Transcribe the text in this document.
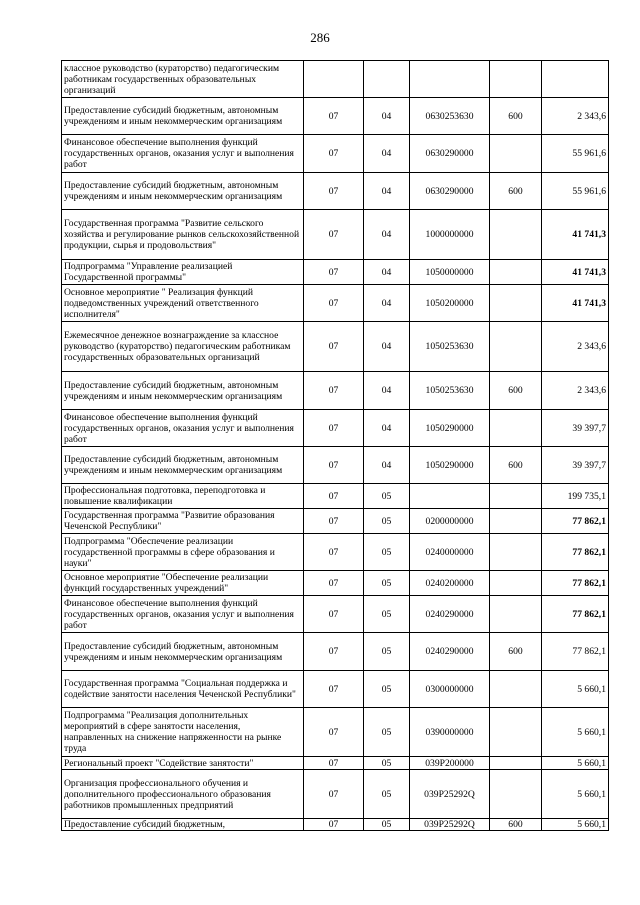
286
классное руководство (кураторство) педагогическим работникам государственных образовательных организаций					
Предоставление субсидий бюджетным, автономным учреждениям и иным некоммерческим организациям	07	04	0630253630	600	2 343,6
Финансовое обеспечение выполнения функций государственных органов, оказания услуг и выполнения работ	07	04	0630290000		55 961,6
Предоставление субсидий бюджетным, автономным учреждениям и иным некоммерческим организациям	07	04	0630290000	600	55 961,6
Государственная программа "Развитие сельского хозяйства и регулирование рынков сельскохозяйственной продукции, сырья и продовольствия"	07	04	1000000000		41 741,3
Подпрограмма "Управление реализацией Государственной программы"	07	04	1050000000		41 741,3
Основное мероприятие " Реализация функций подведомственных учреждений ответственного исполнителя"	07	04	1050200000		41 741,3
Ежемесячное денежное вознаграждение за классное руководство (кураторство) педагогическим работникам государственных образовательных организаций	07	04	1050253630		2 343,6
Предоставление субсидий бюджетным, автономным учреждениям и иным некоммерческим организациям	07	04	1050253630	600	2 343,6
Финансовое обеспечение выполнения функций государственных органов, оказания услуг и выполнения работ	07	04	1050290000		39 397,7
Предоставление субсидий бюджетным, автономным учреждениям и иным некоммерческим организациям	07	04	1050290000	600	39 397,7
Профессиональная подготовка, переподготовка и повышение квалификации	07	05			199 735,1
Государственная программа "Развитие образования Чеченской Республики"	07	05	0200000000		77 862,1
Подпрограмма "Обеспечение реализации государственной программы в сфере образования и науки"	07	05	0240000000		77 862,1
Основное мероприятие "Обеспечение реализации функций государственных учреждений"	07	05	0240200000		77 862,1
Финансовое обеспечение выполнения функций государственных органов, оказания услуг и выполнения работ	07	05	0240290000		77 862,1
Предоставление субсидий бюджетным, автономным учреждениям и иным некоммерческим организациям	07	05	0240290000	600	77 862,1
Государственная программа "Социальная поддержка и содействие занятости населения Чеченской Республики"	07	05	0300000000		5 660,1
Подпрограмма "Реализация дополнительных мероприятий в сфере занятости населения, направленных на снижение напряженности на рынке труда	07	05	0390000000		5 660,1
Региональный проект "Содействие занятости"	07	05	039P200000		5 660,1
Организация профессионального обучения и дополнительного профессионального образования работников промышленных предприятий	07	05	039P25292Q		5 660,1
Предоставление субсидий бюджетным,	07	05	039P25292Q	600	5 660,1
